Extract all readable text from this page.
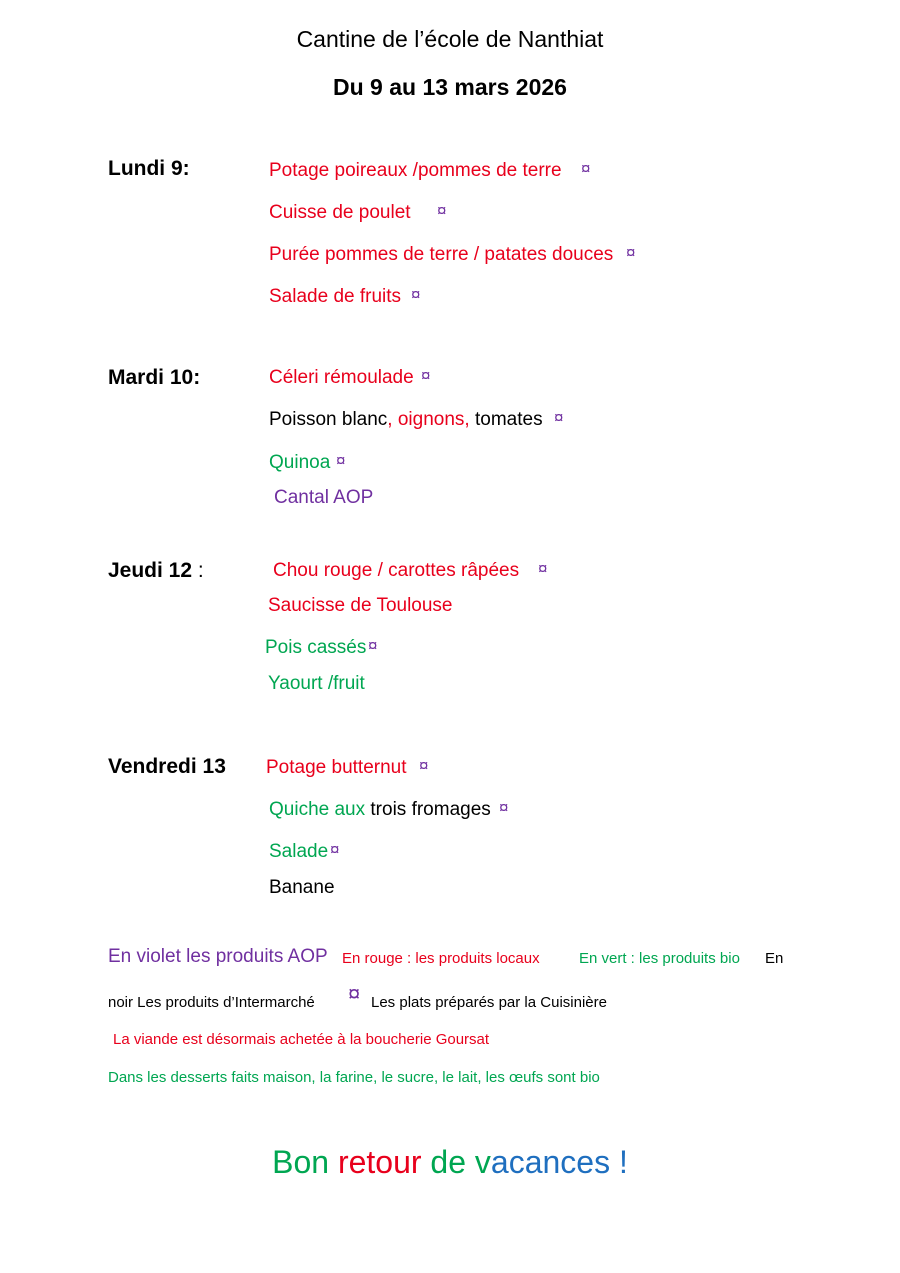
Cantine de l’école de Nanthiat
Du 9 au 13 mars 2026
Lundi 9:	Potage poireaux /pommes de terre ¤
Cuisse de poulet ¤
Purée pommes de terre / patates douces ¤
Salade de fruits ¤
Mardi 10:	Céleri rémoulade ¤
Poisson blanc, oignons, tomates ¤
Quinoa ¤
Cantal AOP
Jeudi 12 :	Chou rouge / carottes râpées ¤
Saucisse de Toulouse
Pois cassés ¤
Yaourt /fruit
Vendredi 13 Potage butternut ¤
Quiche aux trois fromages ¤
Salade ¤
Banane
En violet les produits AOP En rouge : les produits locaux	En vert : les produits bio En
noir Les produits d’Intermarché ¤ Les plats préparés par la Cuisinière
La viande est désormais achetée à la boucherie Goursat
Dans les desserts faits maison, la farine, le sucre, le lait, les œufs sont bio
Bon retour de vacances !
